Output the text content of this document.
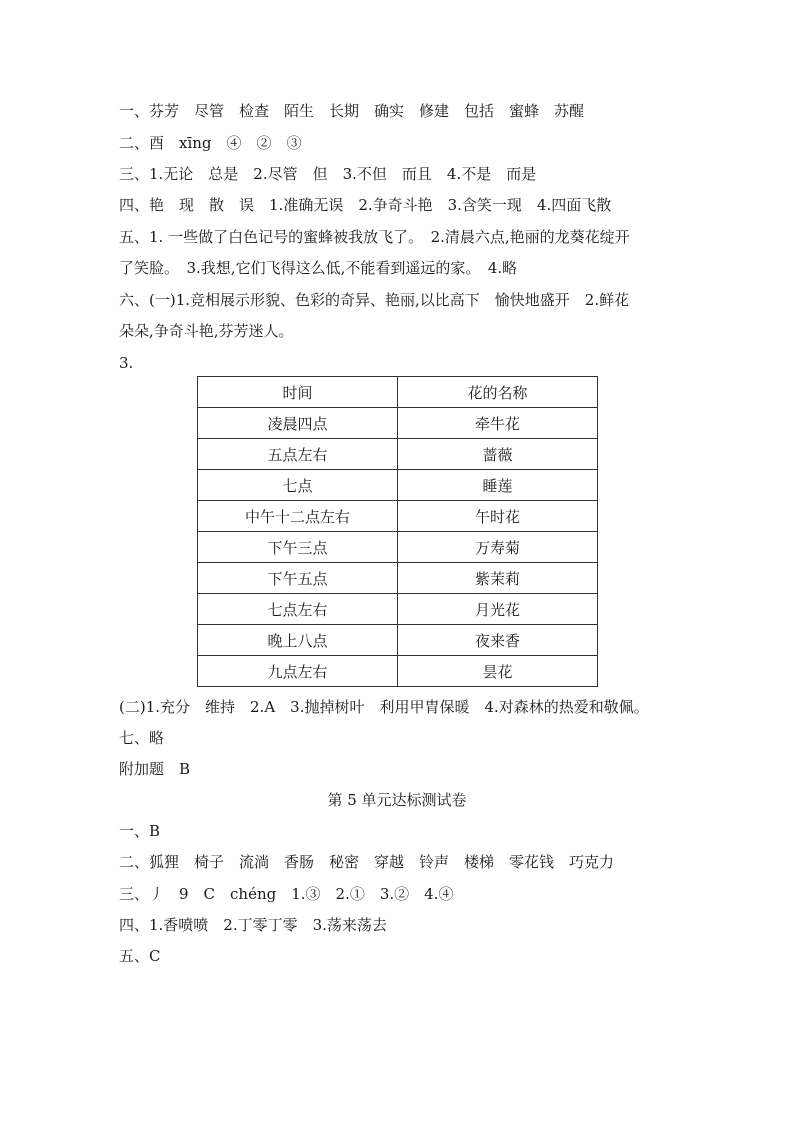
一、芬芳　尽管　检查　陌生　长期　确实　修建　包括　蜜蜂　苏醒
二、酉　xīng　④　②　③
三、1.无论　总是　2.尽管　但　3.不但　而且　4.不是　而是
四、艳　现　散　误　1.准确无误　2.争奇斗艳　3.含笑一现　4.四面飞散
五、1. 一些做了白色记号的蜜蜂被我放飞了。　2.清晨六点,艳丽的龙葵花绽开
了笑脸。　3.我想,它们飞得这么低,不能看到遥远的家。　4.略
六、(一)1.竞相展示形貌、色彩的奇异、艳丽,以比高下　愉快地盛开　2.鲜花
朵朵,争奇斗艳,芬芳迷人。
3.
时间	花的名称
凌晨四点	牵牛花
五点左右	蔷薇
七点	睡莲
中午十二点左右	午时花
下午三点	万寿菊
下午五点	紫茉莉
七点左右	月光花
晚上八点	夜来香
九点左右	昙花
(二)1.充分　维持　2.A　3.抛掉树叶　利用甲胄保暖　4.对森林的热爱和敬佩。
七、略
附加题　B
第 5 单元达标测试卷
一、B
二、狐狸　椅子　流淌　香肠　秘密　穿越　铃声　楼梯　零花钱　巧克力
三、丿　9　C　chéng　1.③　2.①　3.②　4.④
四、1.香喷喷　2.丁零丁零　3.荡来荡去
五、C
